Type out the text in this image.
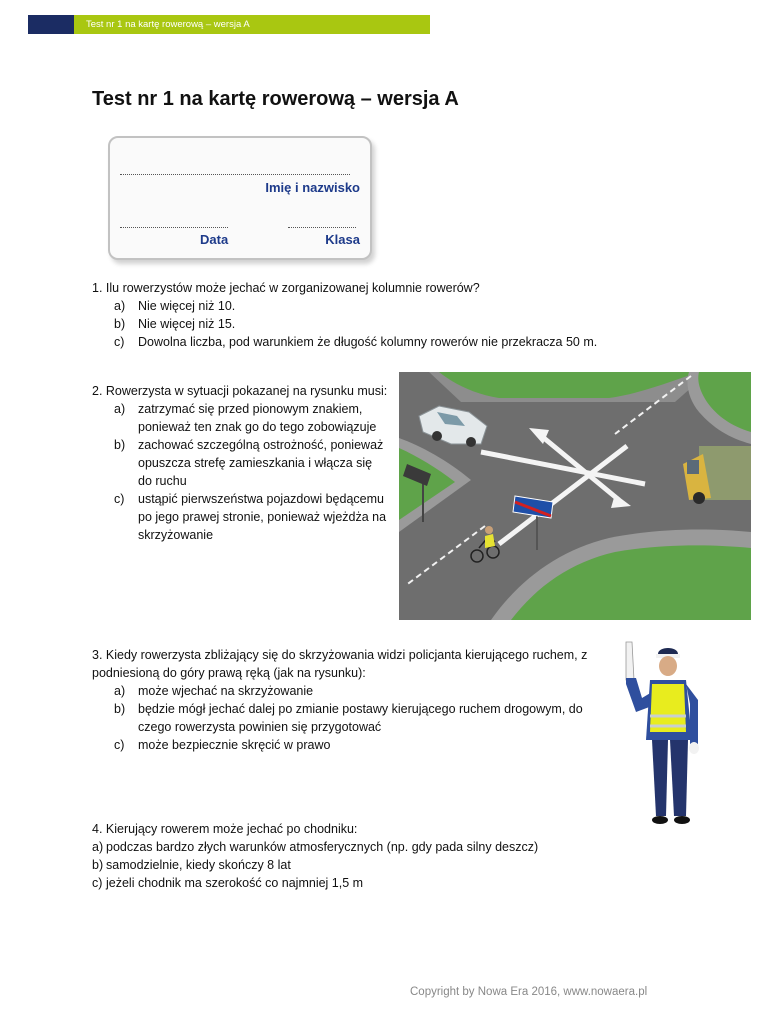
Test nr 1 na kartę rowerową – wersja A
Test nr 1 na kartę rowerową – wersja A
Imię i nazwisko
Data	Klasa

1. Ilu rowerzystów może jechać w zorganizowanej kolumnie rowerów?

a)	Nie więcej niż 10.
b)	Nie więcej niż 15.
c)	Dowolna liczba, pod warunkiem że długość kolumny rowerów nie przekracza 50 m.

2. Rowerzysta w sytuacji pokazanej na rysunku musi:

a)	zatrzymać się przed pionowym znakiem, ponieważ ten znak go do tego zobowiązuje
b)	zachować szczególną ostrożność, ponieważ opuszcza strefę zamieszkania i włącza się do ruchu
c)	ustąpić pierwszeństwa pojazdowi będącemu po jego prawej stronie, ponieważ wjeżdża na skrzyżowanie

3. Kiedy rowerzysta zbliżający się do skrzyżowania widzi policjanta kierującego ruchem, z podniesioną do góry prawą ręką (jak na rysunku):

a)	może wjechać na skrzyżowanie
b)	będzie mógł jechać dalej po zmianie postawy kierującego ruchem drogowym, do czego rowerzysta powinien się przygotować
c)	może bezpiecznie skręcić w prawo

4. Kierujący rowerem może jechać po chodniku:

a) podczas bardzo złych warunków atmosferycznych (np. gdy pada silny deszcz)
b) samodzielnie, kiedy skończy 8 lat
c) jeżeli chodnik ma szerokość co najmniej 1,5 m
Copyright by Nowa Era 2016, www.nowaera.pl
